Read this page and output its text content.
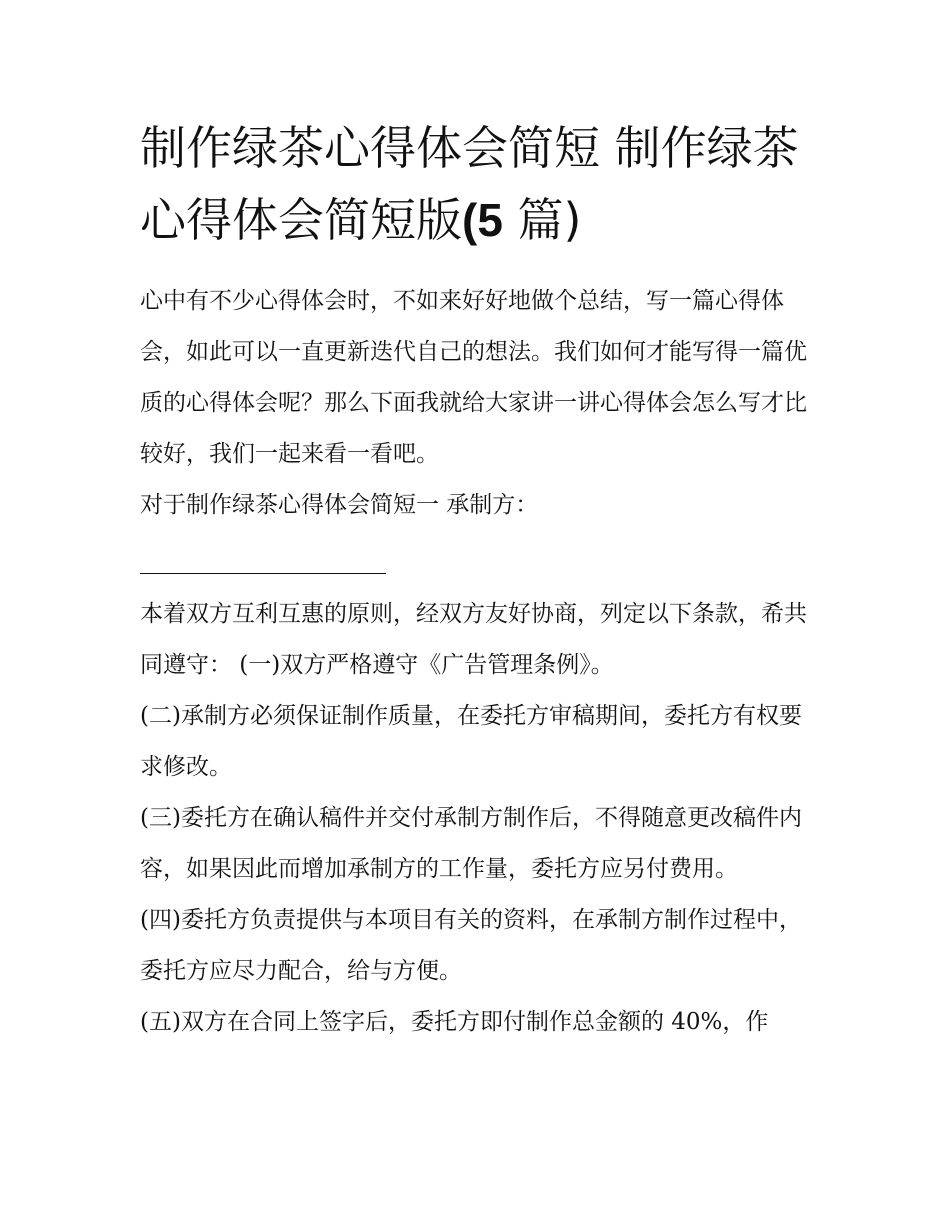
制作绿茶心得体会简短 制作绿茶心得体会简短版(5 篇)

心中有不少心得体会时，不如来好好地做个总结，写一篇心得体会，如此可以一直更新迭代自己的想法。我们如何才能写得一篇优质的心得体会呢？那么下面我就给大家讲一讲心得体会怎么写才比较好，我们一起来看一看吧。

对于制作绿茶心得体会简短一 承制方：

本着双方互利互惠的原则，经双方友好协商，列定以下条款，希共同遵守： (一)双方严格遵守《广告管理条例》。

(二)承制方必须保证制作质量，在委托方审稿期间，委托方有权要求修改。

(三)委托方在确认稿件并交付承制方制作后，不得随意更改稿件内容，如果因此而增加承制方的工作量，委托方应另付费用。

(四)委托方负责提供与本项目有关的资料，在承制方制作过程中，委托方应尽力配合，给与方便。

(五)双方在合同上签字后，委托方即付制作总金额的 40%，作
